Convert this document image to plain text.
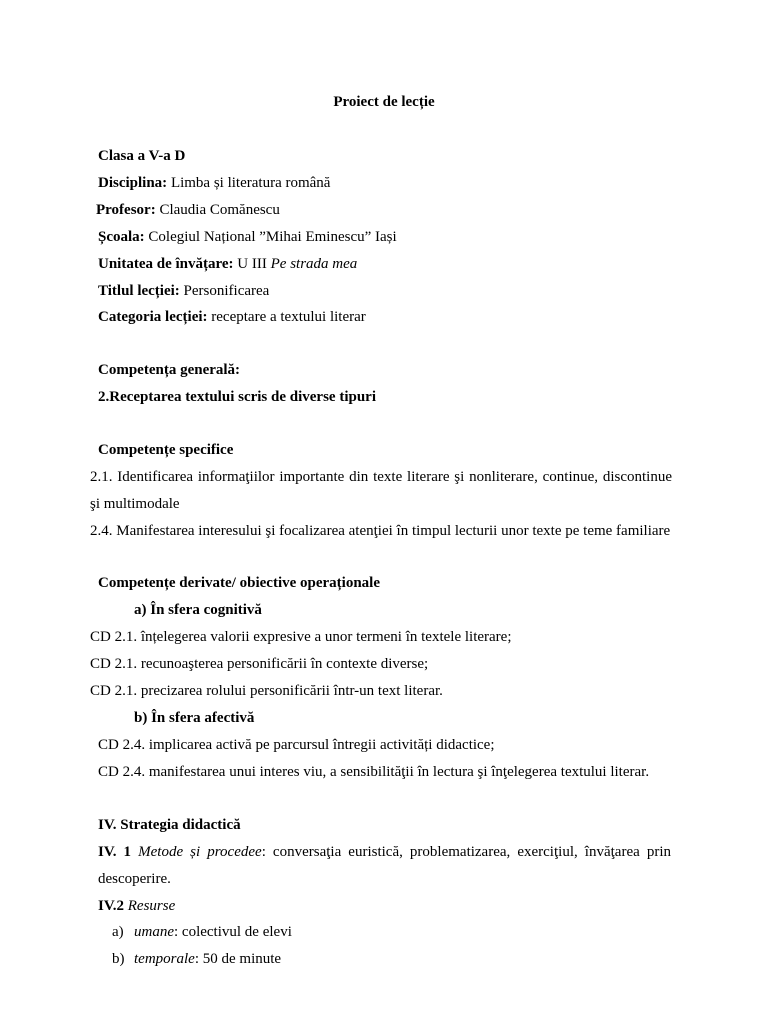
Proiect de lecție
Clasa a V-a D
Disciplina: Limba și literatura română
Profesor: Claudia Comănescu
Școala: Colegiul Național ”Mihai Eminescu” Iași
Unitatea de învățare: U III Pe strada mea
Titlul lecției: Personificarea
Categoria lecției: receptare a textului literar
Competența generală:
2.Receptarea textului scris de diverse tipuri
Competențe specifice
2.1. Identificarea informaţiilor importante din texte literare şi nonliterare, continue, discontinue
şi multimodale
2.4. Manifestarea interesului şi focalizarea atenţiei în timpul lecturii unor texte pe teme familiare
Competențe derivate/ obiective operaționale
a) În sfera cognitivă
CD 2.1. înțelegerea valorii expresive a unor termeni în textele literare;
CD 2.1. recunoaşterea personificării în contexte diverse;
CD 2.1. precizarea rolului personificării într-un text literar.
b) În sfera afectivă
CD 2.4. implicarea activă pe parcursul întregii activități didactice;
CD 2.4. manifestarea unui interes viu, a sensibilităţii în lectura şi înţelegerea textului literar.
IV. Strategia didactică
IV. 1 Metode și procedee: conversaţia euristică, problematizarea, exerciţiul, învăţarea prin
descoperire.
IV.2 Resurse
a) umane: colectivul de elevi
b) temporale: 50 de minute
